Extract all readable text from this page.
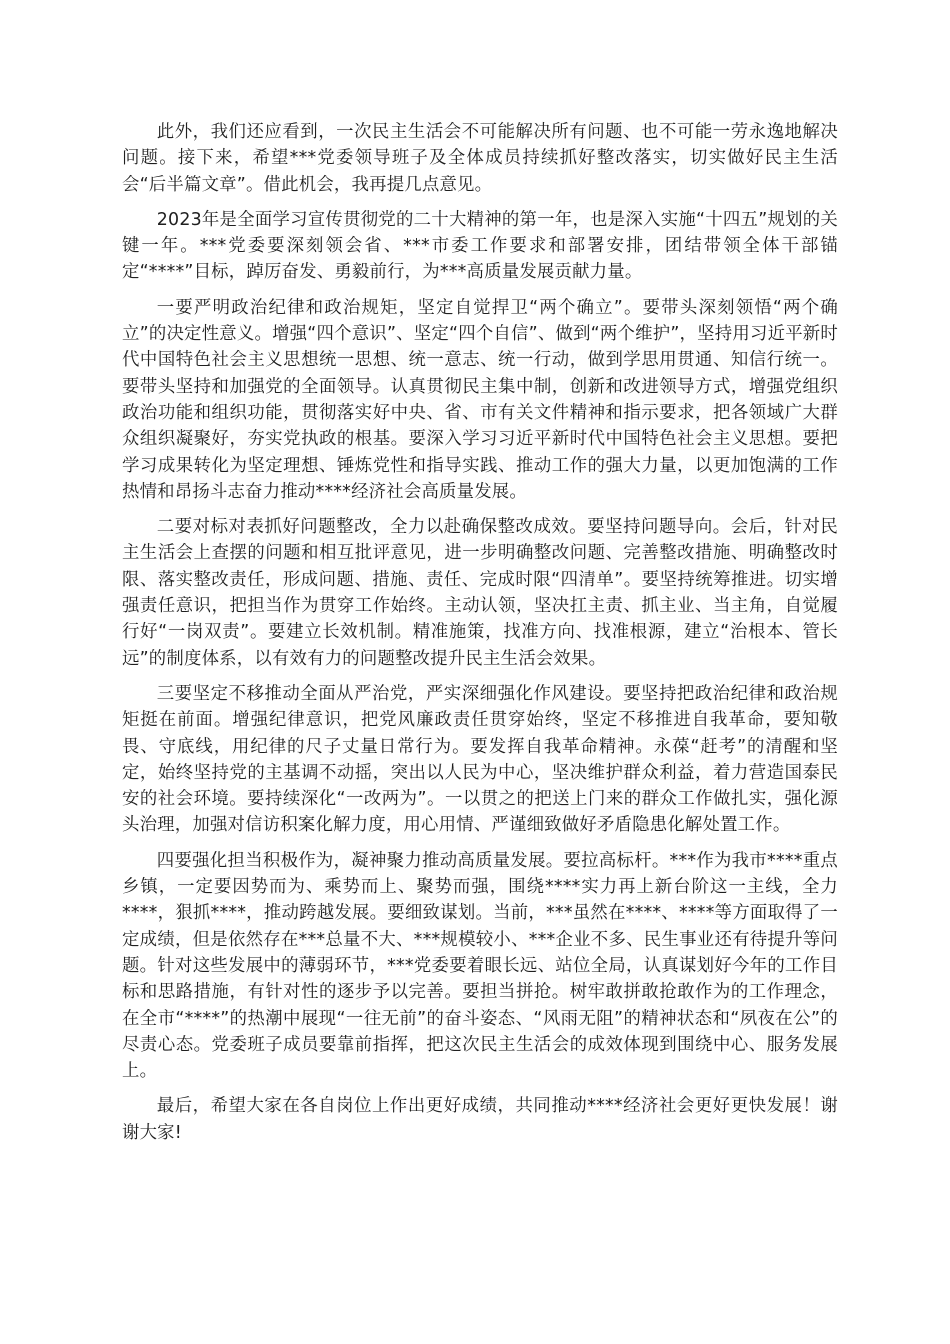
此外，我们还应看到，一次民主生活会不可能解决所有问题、也不可能一劳永逸地解决问题。接下来，希望***党委领导班子及全体成员持续抓好整改落实，切实做好民主生活会“后半篇文章”。借此机会，我再提几点意见。

2023年是全面学习宣传贯彻党的二十大精神的第一年，也是深入实施“十四五”规划的关键一年。***党委要深刻领会省、***市委工作要求和部署安排，团结带领全体干部锚定“****”目标，踔厉奋发、勇毅前行，为***高质量发展贡献力量。

一要严明政治纪律和政治规矩，坚定自觉捍卫“两个确立”。要带头深刻领悟“两个确立”的决定性意义。增强“四个意识”、坚定“四个自信”、做到“两个维护”，坚持用习近平新时代中国特色社会主义思想统一思想、统一意志、统一行动，做到学思用贯通、知信行统一。要带头坚持和加强党的全面领导。认真贯彻民主集中制，创新和改进领导方式，增强党组织政治功能和组织功能，贯彻落实好中央、省、市有关文件精神和指示要求，把各领域广大群众组织凝聚好，夯实党执政的根基。要深入学习习近平新时代中国特色社会主义思想。要把学习成果转化为坚定理想、锤炼党性和指导实践、推动工作的强大力量，以更加饱满的工作热情和昂扬斗志奋力推动****经济社会高质量发展。

二要对标对表抓好问题整改，全力以赴确保整改成效。要坚持问题导向。会后，针对民主生活会上查摆的问题和相互批评意见，进一步明确整改问题、完善整改措施、明确整改时限、落实整改责任，形成问题、措施、责任、完成时限“四清单”。要坚持统筹推进。切实增强责任意识，把担当作为贯穿工作始终。主动认领，坚决扛主责、抓主业、当主角，自觉履行好“一岗双责”。要建立长效机制。精准施策，找准方向、找准根源，建立“治根本、管长远”的制度体系，以有效有力的问题整改提升民主生活会效果。

三要坚定不移推动全面从严治党，严实深细强化作风建设。要坚持把政治纪律和政治规矩挺在前面。增强纪律意识，把党风廉政责任贯穿始终，坚定不移推进自我革命，要知敬畏、守底线，用纪律的尺子丈量日常行为。要发挥自我革命精神。永葆“赶考”的清醒和坚定，始终坚持党的主基调不动摇，突出以人民为中心，坚决维护群众利益，着力营造国泰民安的社会环境。要持续深化“一改两为”。一以贯之的把送上门来的群众工作做扎实，强化源头治理，加强对信访积案化解力度，用心用情、严谨细致做好矛盾隐患化解处置工作。

四要强化担当积极作为，凝神聚力推动高质量发展。要拉高标杆。***作为我市****重点乡镇，一定要因势而为、乘势而上、聚势而强，围绕****实力再上新台阶这一主线，全力****，狠抓****，推动跨越发展。要细致谋划。当前，***虽然在****、****等方面取得了一定成绩，但是依然存在***总量不大、***规模较小、***企业不多、民生事业还有待提升等问题。针对这些发展中的薄弱环节，***党委要着眼长远、站位全局，认真谋划好今年的工作目标和思路措施，有针对性的逐步予以完善。要担当拼抢。树牢敢拼敢抢敢作为的工作理念，在全市“****”的热潮中展现“一往无前”的奋斗姿态、“风雨无阻”的精神状态和“夙夜在公”的尽责心态。党委班子成员要靠前指挥，把这次民主生活会的成效体现到围绕中心、服务发展上。

最后，希望大家在各自岗位上作出更好成绩，共同推动****经济社会更好更快发展！谢谢大家!
